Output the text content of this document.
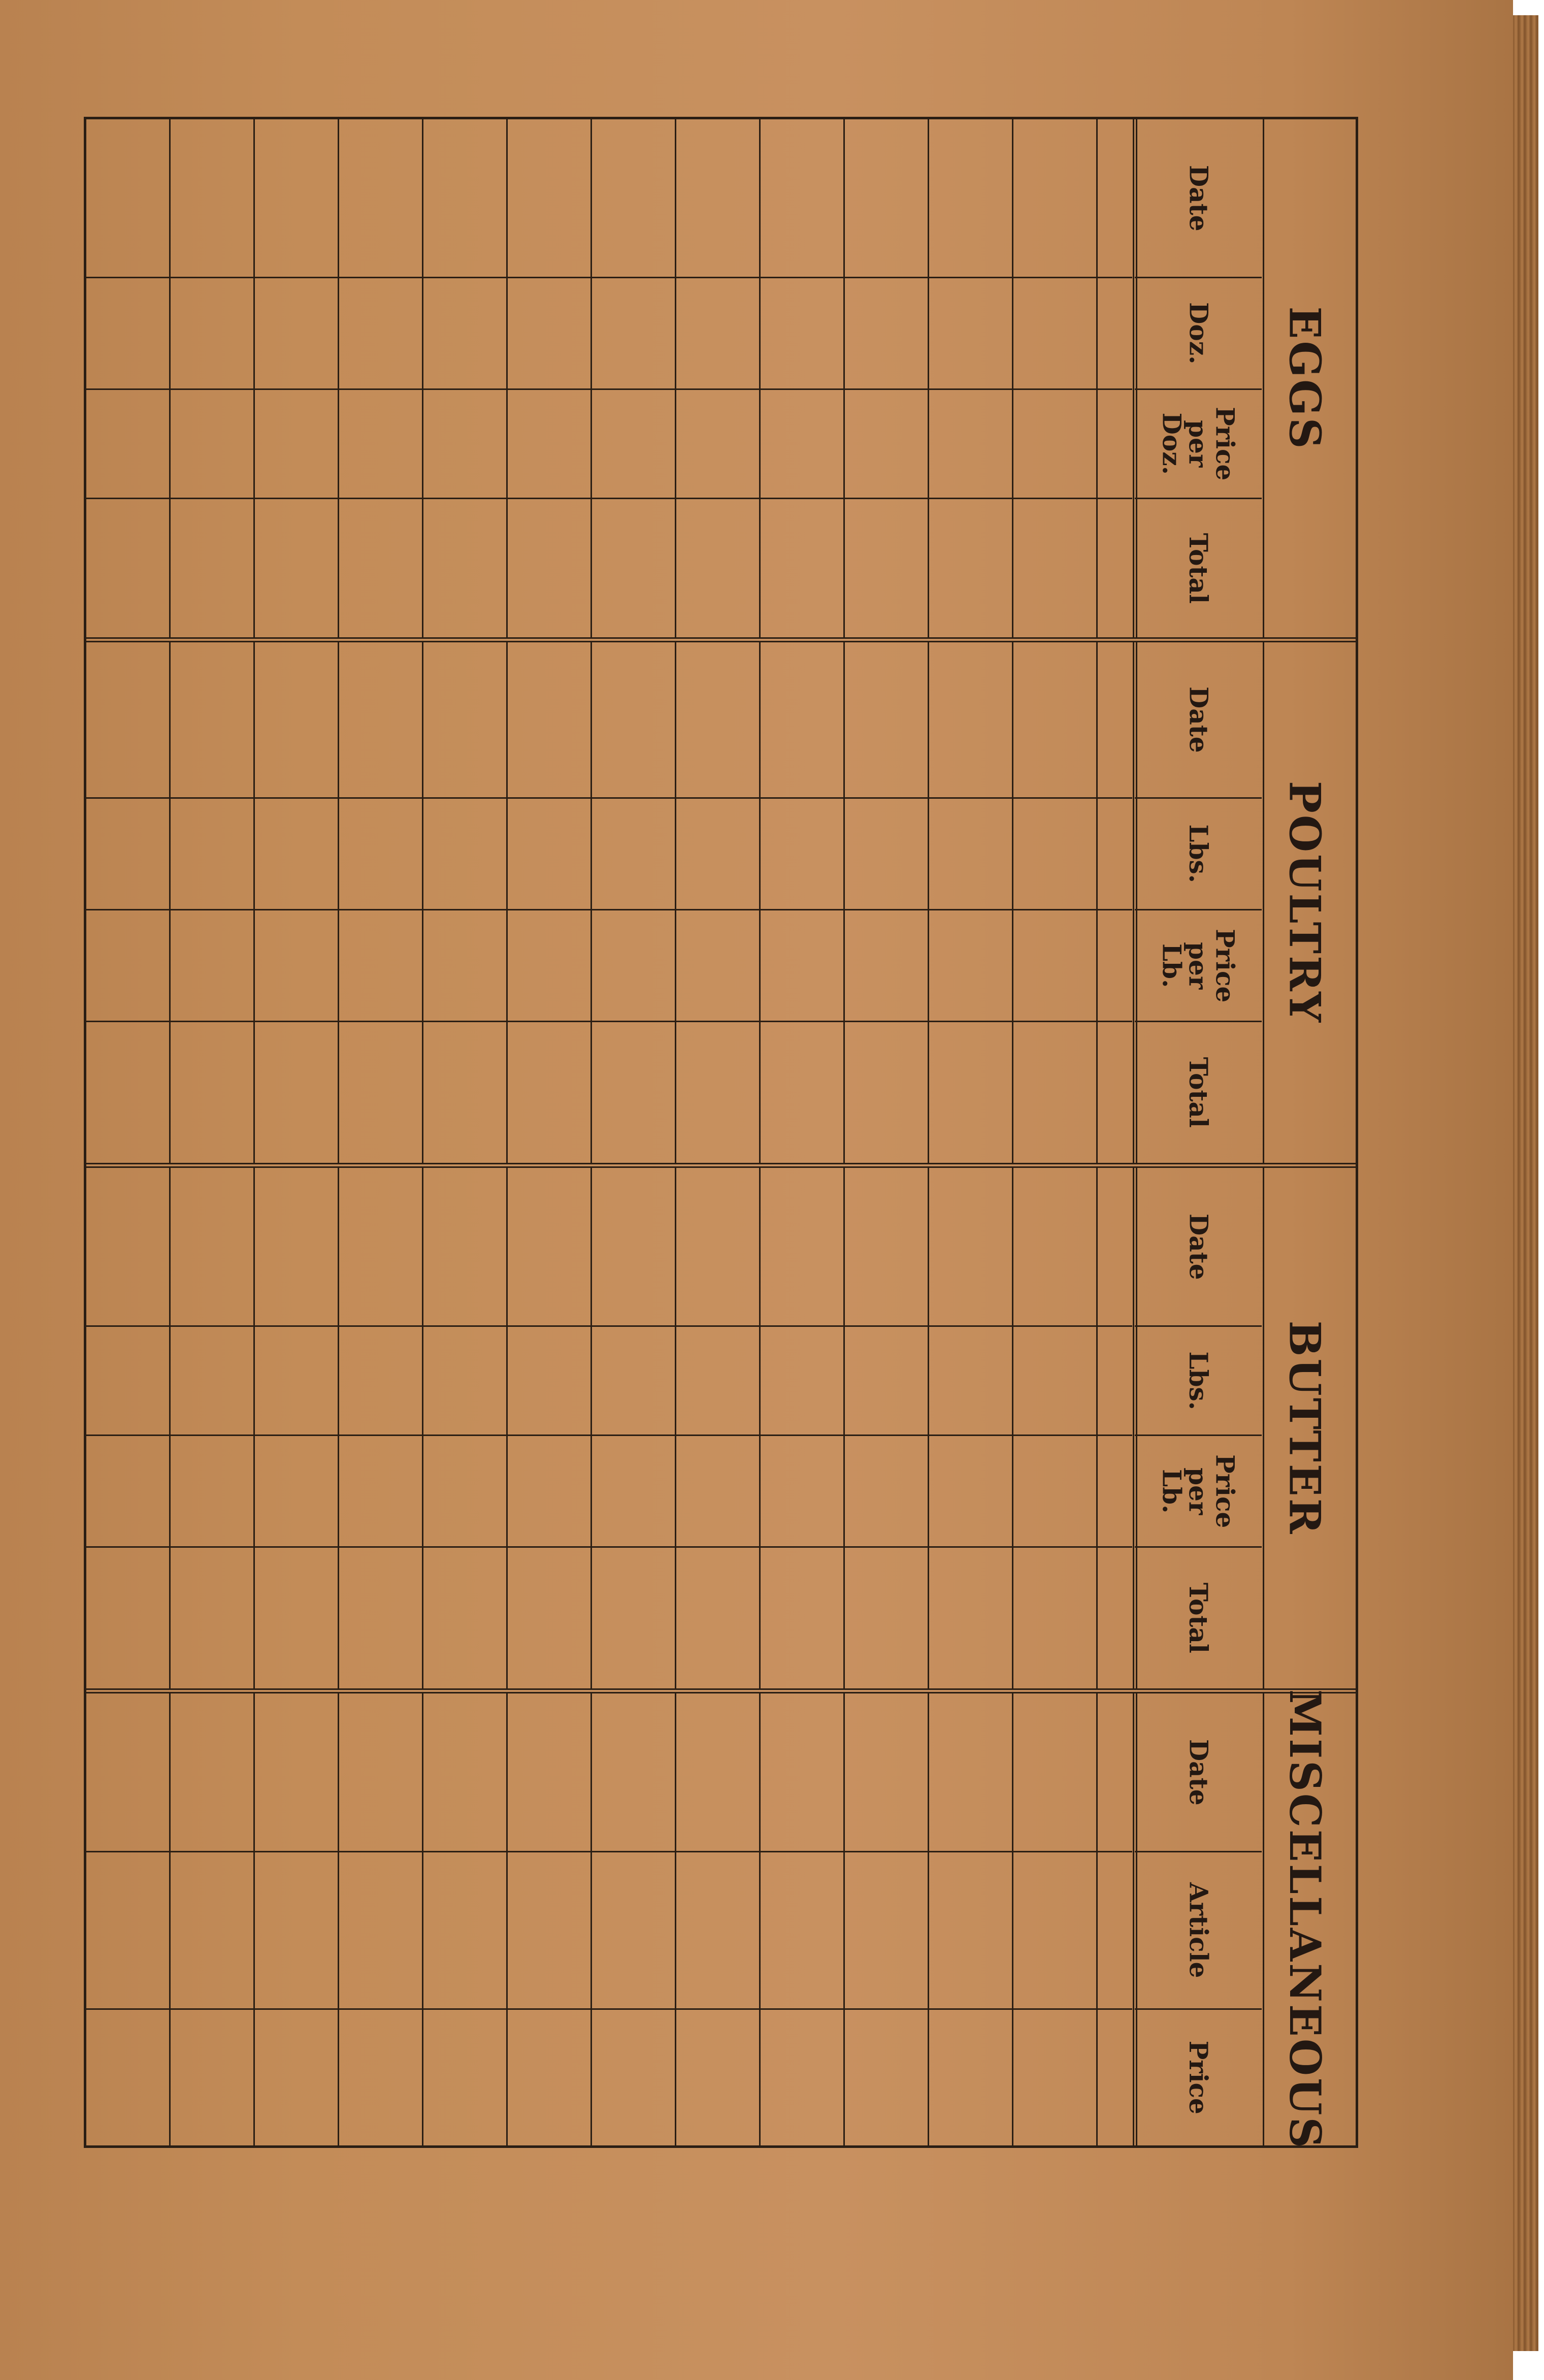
Date
Doz.
Price
per
Doz.
Total
EGGS
Date
Lbs.
Price
per
Lb.
Total
POULTRY
Date
Lbs.
Price
per
Lb.
Total
BUTTER
Date
Article
Price MISCELLANEOUS
